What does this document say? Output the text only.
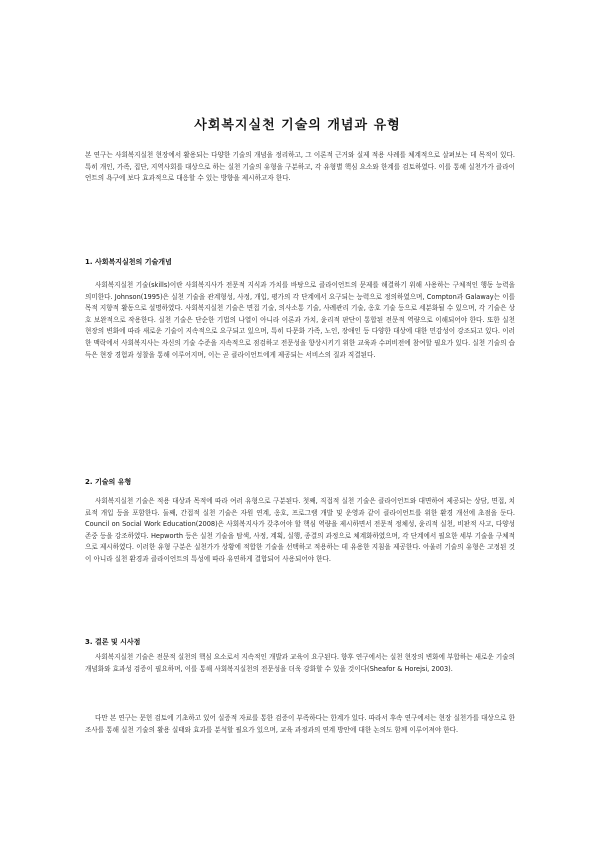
사회복지실천 기술의 개념과 유형

본 연구는 사회복지실천 현장에서 활용되는 다양한 기술의 개념을 정리하고, 그 이론적 근거와 실제 적용 사례를 체계적으로 살펴보는 데 목적이 있다. 특히 개인, 가족, 집단, 지역사회를 대상으로 하는 실천 기술의 유형을 구분하고, 각 유형별 핵심 요소와 한계를 검토하였다. 이를 통해 실천가가 클라이언트의 욕구에 보다 효과적으로 대응할 수 있는 방향을 제시하고자 한다.

1. 사회복지실천의 기술개념

사회복지실천 기술(skills)이란 사회복지사가 전문적 지식과 가치를 바탕으로 클라이언트의 문제를 해결하기 위해 사용하는 구체적인 행동 능력을 의미한다. Johnson(1995)은 실천 기술을 관계형성, 사정, 개입, 평가의 각 단계에서 요구되는 능력으로 정의하였으며, Compton과 Galaway는 이를 목적 지향적 활동으로 설명하였다. 사회복지실천 기술은 면접 기술, 의사소통 기술, 사례관리 기술, 옹호 기술 등으로 세분화될 수 있으며, 각 기술은 상호 보완적으로 작용한다. 실천 기술은 단순한 기법의 나열이 아니라 이론과 가치, 윤리적 판단이 통합된 전문적 역량으로 이해되어야 한다. 또한 실천 현장의 변화에 따라 새로운 기술이 지속적으로 요구되고 있으며, 특히 다문화 가족, 노인, 장애인 등 다양한 대상에 대한 민감성이 강조되고 있다. 이러한 맥락에서 사회복지사는 자신의 기술 수준을 지속적으로 점검하고 전문성을 향상시키기 위한 교육과 수퍼비전에 참여할 필요가 있다. 실천 기술의 습득은 현장 경험과 성찰을 통해 이루어지며, 이는 곧 클라이언트에게 제공되는 서비스의 질과 직결된다.

2. 기술의 유형

사회복지실천 기술은 적용 대상과 목적에 따라 여러 유형으로 구분된다. 첫째, 직접적 실천 기술은 클라이언트와 대면하여 제공되는 상담, 면접, 치료적 개입 등을 포함한다. 둘째, 간접적 실천 기술은 자원 연계, 옹호, 프로그램 개발 및 운영과 같이 클라이언트를 위한 환경 개선에 초점을 둔다. Council on Social Work Education(2008)은 사회복지사가 갖추어야 할 핵심 역량을 제시하면서 전문적 정체성, 윤리적 실천, 비판적 사고, 다양성 존중 등을 강조하였다. Hepworth 등은 실천 기술을 탐색, 사정, 계획, 실행, 종결의 과정으로 체계화하였으며, 각 단계에서 필요한 세부 기술을 구체적으로 제시하였다. 이러한 유형 구분은 실천가가 상황에 적합한 기술을 선택하고 적용하는 데 유용한 지침을 제공한다. 아울러 기술의 유형은 고정된 것이 아니라 실천 환경과 클라이언트의 특성에 따라 유연하게 결합되어 사용되어야 한다.

3. 결론 및 시사점

사회복지실천 기술은 전문적 실천의 핵심 요소로서 지속적인 개발과 교육이 요구된다. 향후 연구에서는 실천 현장의 변화에 부합하는 새로운 기술의 개념화와 효과성 검증이 필요하며, 이를 통해 사회복지실천의 전문성을 더욱 강화할 수 있을 것이다(Sheafor & Horejsi, 2003).

다만 본 연구는 문헌 검토에 기초하고 있어 실증적 자료를 통한 검증이 부족하다는 한계가 있다. 따라서 후속 연구에서는 현장 실천가를 대상으로 한 조사를 통해 실천 기술의 활용 실태와 효과를 분석할 필요가 있으며, 교육 과정과의 연계 방안에 대한 논의도 함께 이루어져야 한다.
